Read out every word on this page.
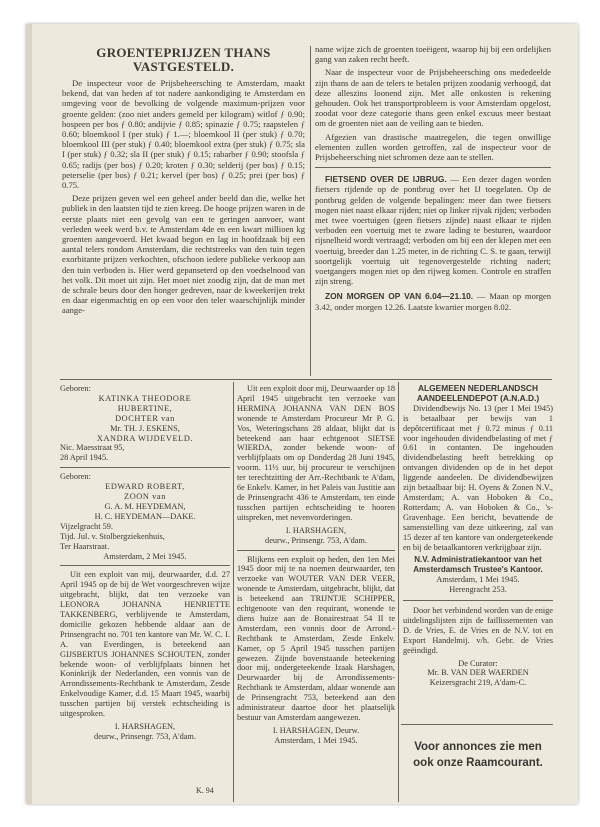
GROENTEPRIJZEN THANS
VASTGESTELD.

De inspecteur voor de Prijsbeheersching te Amsterdam, maakt bekend, dat van heden af tot nadere aankondiging te Amsterdam en omgeving voor de bevolking de volgende maximum-prijzen voor groente gelden: (zoo niet anders gemeld per kilogram) witlof ƒ 0.90; bospeen per bos ƒ 0.80; andijvie ƒ 0.85; spinazie ƒ 0.75; raapstelen ƒ 0.60; bloemkool I (per stuk) ƒ 1.—; bloemkool II (per stuk) ƒ 0.70; bloemkool III (per stuk) ƒ 0.40; bloemkool extra (per stuk) ƒ 0.75; sla I (per stuk) ƒ 0.32; sla II (per stuk) ƒ 0.15; rabarber ƒ 0.90; stoofsla ƒ 0.65; radijs (per bos) ƒ 0.20; kroten ƒ 0.30; selderij (per bos) ƒ 0.15; peterselie (per bos) ƒ 0.21; kervel (per bos) ƒ 0.25; prei (per bos) ƒ 0.75.

Deze prijzen geven wel een geheel ander beeld dan die, welke het publiek in den laatsten tijd te zien kreeg. De hooge prijzen waren in de eerste plaats niet een gevolg van een te geringen aanvoer, want verleden week werd b.v. te Amsterdam 4de en een kwart millioen kg groenten aangevoerd. Het kwaad begon en lag in hoofdzaak bij een aantal telers rondom Amsterdam, die rechtstreeks van den tuin tegen exorbitante prijzen verkochten, ofschoon iedere publieke verkoop aan den tuin verboden is. Hier werd gepanseterd op den voedselnood van het volk. Dit moet uit zijn. Het moet niet zoodig zijn, dat de man met de schrale beurs door den honger gedreven, naar de kweekerijen trekt en daar eigenmachtig en op een voor den teler waarschijnlijk minder aange-

name wijze zich de groenten toeëigent, waarop hij bij een ordelijken gang van zaken recht heeft.

Naar de inspecteur voor de Prijsbeheersching ons mededeelde zijn thans de aan de telers te betalen prijzen zoodanig verhoogd, dat deze alleszins loonend zijn. Met alle onkosten is rekening gehouden. Ook het transportprobleem is voor Amsterdam opgelost, zoodat voor deze categorie thans geen enkel excuus meer bestaat om de groenten niet aan de veiling aan te bieden.

Afgezien van drastische maatregelen, die tegen onwillige elementen zullen worden getroffen, zal de inspecteur voor de Prijsbeheersching niet schromen deze aan te stellen.

FIETSEND OVER DE IJBRUG. — Een dezer dagen worden fietsers rijdende op de pontbrug over het IJ toegelaten. Op de pontbrug gelden de volgende bepalingen: meer dan twee fietsers mogen niet naast elkaar rijden; niet op linker rijvak rijden; verboden met twee voertuigen (geen fietsers zijnde) naast elkaar te rijden verboden een voertuig met te zware lading te besturen, waardoor rijsnelheid wordt vertraagd; verboden om bij een der klepen met een voertuig, breeder dan 1.25 meter, in de richting C. S. te gaan, terwijl soortgelijk voertuig uit tegenovergestelde richting nadert; voetgangers mogen niet op den rijweg komen. Controle en straffen zijn streng.

ZON MORGEN OP VAN 6.04—21.10. — Maan op morgen 3.42, onder morgen 12.26. Laatste kwartier morgen 8.02.

Geboren:
KATINKA THEODORE
HUBERTINE,
DOCHTER van
Mr. TH. J. ESKENS,
XANDRA WIJDEVELD.
Nic. Maesstraat 95,
28 April 1945.
Geboren:
EDWARD ROBERT,
ZOON van
G. A. M. HEYDEMAN,
H. C. HEYDEMAN—DAKE.
Vijzelgracht 59.
Tijd. Jul. v. Stolbergziekenhuis,
Ter Haarstraat.
Amsterdam, 2 Mei 1945.

Uit een exploit van mij, deurwaarder, d.d. 27 April 1945 op de bij de Wet voorgeschreven wijze uitgebracht, blijkt, dat ten verzoeke van LEONORA JOHANNA HENRIETTE TAKKENBERG, verblijvende te Amsterdam, domicilie gekozen hebbende aldaar aan de Prinsengracht no. 701 ten kantore van Mr. W. C. I. A. van Everdingen, is beteekend aan GIJSBERTUS JOHANNES SCHOUTEN, zonder bekende woon- of verblijfplaats binnen het Koninkrijk der Nederlanden, een vonnis van de Arrondissements-Rechtbank te Amsterdam, Zesde Enkelvoudige Kamer, d.d. 15 Maart 1945, waarbij tusschen partijen bij verstek echtscheiding is uitgesproken.

I. HARSHAGEN,
deurw., Prinsengr. 753, A'dam.
K. 94

Uit een exploit door mij, Deurwaarder op 18 April 1945 uitgebracht ten verzoeke van HERMINA JOHANNA VAN DEN BOS wonende te Amsterdam Procureur Mr P. G. Vos, Weteringschans 28 aldaar, blijkt dat is beteekend aan haar echtgenoot SIETSE WIERDA, zonder bekende woon- of verblijfplaats om op Donderdag 28 Juni 1945, voorm. 11½ uur, bij procureur te verschijnen ter terechtzitting der Arr.-Rechtbank te A'dam, 6e Enkelv. Kamer, in het Paleis van Justitie aan de Prinsengracht 436 te Amsterdam, ten einde tusschen partijen echtscheiding te hooren uitspreken, met nevenvorderingen.

I. HARSHAGEN,
deurw., Prinsengr. 753, A'dam.

Blijkens een exploit op heden, den 1en Mei 1945 door mij te na noemen deurwaarder, ten verzoeke van WOUTER VAN DER VEER, wonende te Amsterdam, uitgebracht, blijkt, dat is beteekend aan TRIJNTJE SCHIPPER, echtgenoote van den requirant, wonende te diens huize aan de Bonairestraat 54 II te Amsterdam, een vonnis door de Arrond.-Rechtbank te Amsterdam, Zesde Enkelv. Kamer, op 5 April 1945 tusschen partijen gewezen. Zijnde bovenstaande beteekening door mij, ondergeteekende Izaak Harshagen, Deurwaarder bij de Arrondissements-Rechtbank te Amsterdam, aldaar wonende aan de Prinsengracht 753, beteekend aan den administrateur daartoe door het plaatselijk bestuur van Amsterdam aangewezen.

I. HARSHAGEN, Deurw.
Amsterdam, 1 Mei 1945.
ALGEMEEN NEDERLANDSCH
AANDEELENDEPOT (A.N.A.D.)

Dividendbewijs No. 13 (per 1 Mei 1945) is betaalbaar per bewijs van 1 depôtcertificaat met ƒ 0.72 minus ƒ 0.11 voor ingehouden dividendbelasting of met ƒ 0.61 in contanten. De ingehouden dividendbelasting heeft betrekking op ontvangen dividenden op de in het depot liggende aandeelen. De dividendbewijzen zijn betaalbaar bij: H. Oyens & Zonen N.V., Amsterdam; A. van Hoboken & Co., Rotterdam; A. van Hoboken & Co., 's-Gravenhage. Een bericht, bevattende de samenstelling van deze uitkeering, zal van 15 dezer af ten kantore van ondergeteekende en bij de betaalkantoren verkrijgbaar zijn.

N.V. Administratiekantoor van het Amsterdamsch Trustee's Kantoor.
Amsterdam, 1 Mei 1945.
Herengracht 253.

Door het verbindend worden van de enige uitdelingslijsten zijn de faillissementen van D. de Vries, E. de Vries en de N.V. tot en Export Handelmij. v/h. Gebr. de Vries geëindigd.

De Curator:
Mr. B. VAN DER WAERDEN
Keizersgracht 219, A'dam-C.
Voor annonces zie men
ook onze Raamcourant.
